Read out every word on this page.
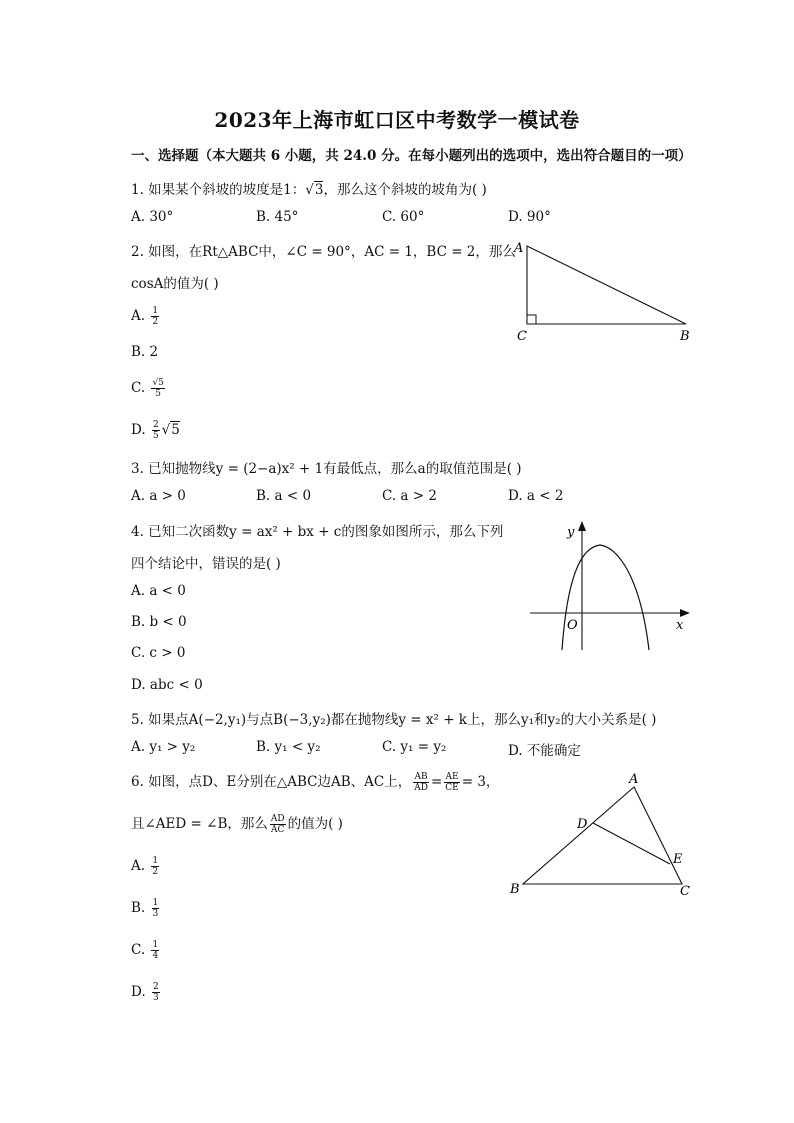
2023年上海市虹口区中考数学一模试卷
一、选择题（本大题共 6 小题，共 24.0 分。在每小题列出的选项中，选出符合题目的一项）
1. 如果某个斜坡的坡度是1：√3，那么这个斜坡的坡角为( )
A. 30°	B. 45°	C. 60°	D. 90°
2. 如图，在Rt△ABC中，∠C = 90°，AC = 1，BC = 2，那么
cosA的值为( )
A. $\frac{1}{2}$
B. 2
C. $\frac{√5}{5}$
D. $\frac{2}{5} √5$
A
C	B
3. 已知抛物线y = (2−a)x² + 1有最低点，那么a的取值范围是( )
A. a > 0	B. a < 0	C. a > 2	D. a < 2
4. 已知二次函数y = ax² + bx + c的图象如图所示，那么下列
四个结论中，错误的是( )
A. a < 0
B. b < 0
C. c > 0
D. abc < 0
y
x
O
5. 如果点A(−2,y₁)与点B(−3,y₂)都在抛物线y = x² + k上，那么y₁和y₂的大小关系是( )
A. y₁ > y₂	B. y₁ < y₂	C. y₁ = y₂	D. 不能确定
6. 如图，点D、E分别在△ABC边AB、AC上， $\frac{AB}{AD} = \frac{AE}{CE} = 3$，
且∠AED = ∠B，那么 $\frac{AD}{AC}$ 的值为( )
A. $\frac{1}{2}$
B. $\frac{1}{3}$
C. $\frac{1}{4}$
D. $\frac{2}{3}$
A
B	C
D
E
